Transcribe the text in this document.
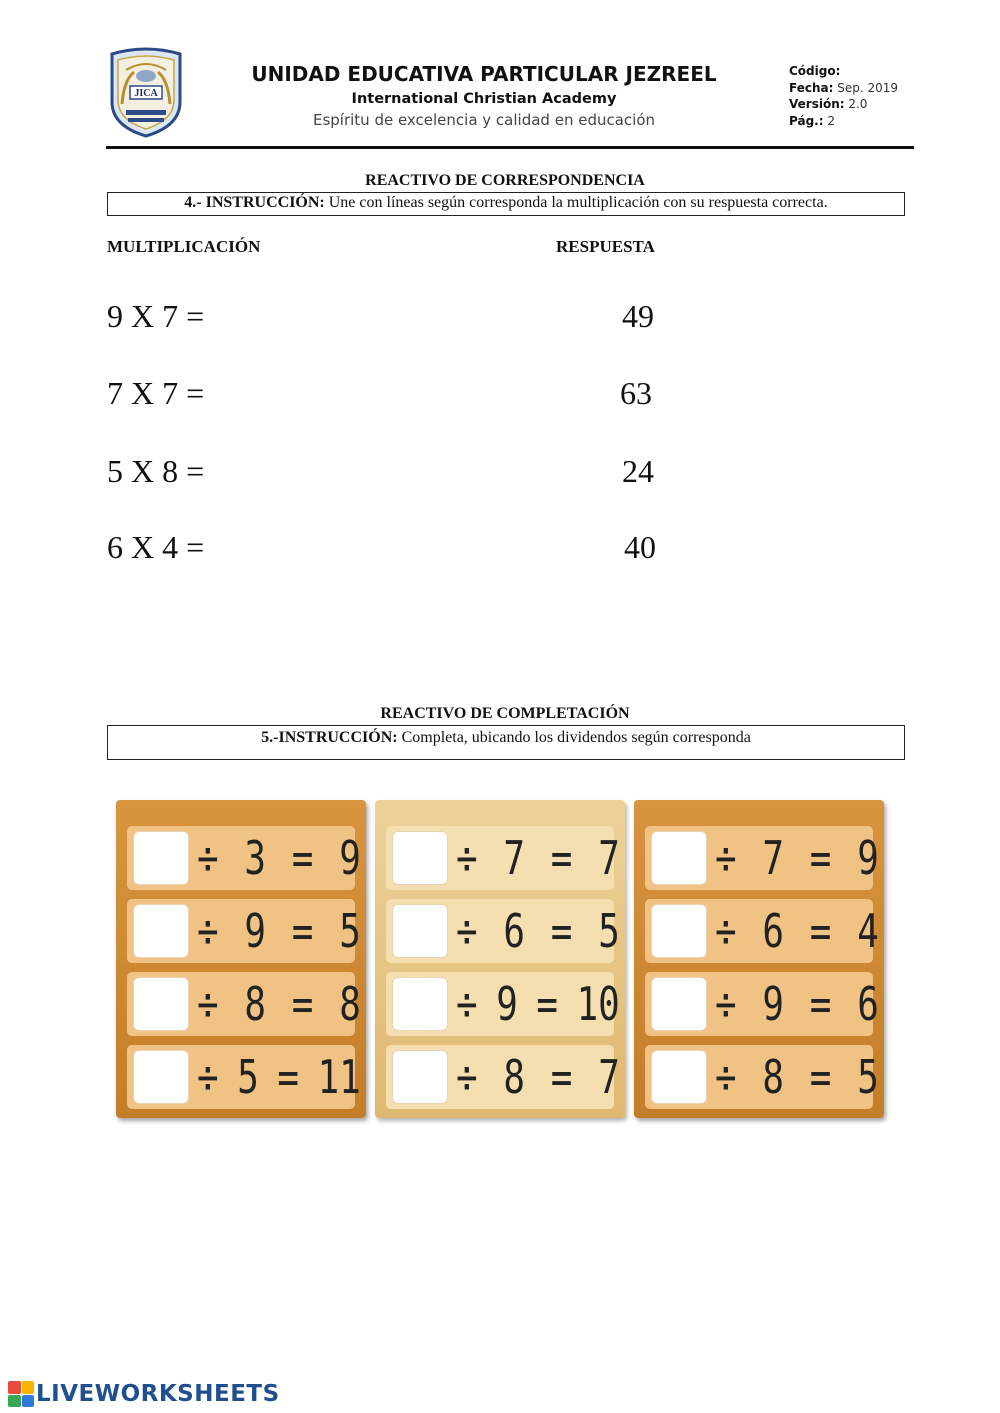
JICA
UNIDAD EDUCATIVA PARTICULAR JEZREEL
International Christian Academy
Espíritu de excelencia y calidad en educación
Código:
Fecha: Sep. 2019
Versión: 2.0
Pág.: 2
REACTIVO DE CORRESPONDENCIA
4.- INSTRUCCIÓN: Une con líneas según corresponda la multiplicación con su respuesta correcta.
MULTIPLICACIÓN	RESPUESTA
9 X 7 =
7 X 7 =
5 X 8 =
6 X 4 =
49
63
24
40
REACTIVO DE COMPLETACIÓN
5.-INSTRUCCIÓN: Completa, ubicando los dividendos según corresponda
÷ 3 = 9
÷ 9 = 5
÷ 8 = 8
÷ 5 = 11
÷ 7 = 7
÷ 6 = 5
÷ 9 = 10
÷ 8 = 7
÷ 7 = 9
÷ 6 = 4
÷ 9 = 6
÷ 8 = 5
LIVEWORKSHEETS
